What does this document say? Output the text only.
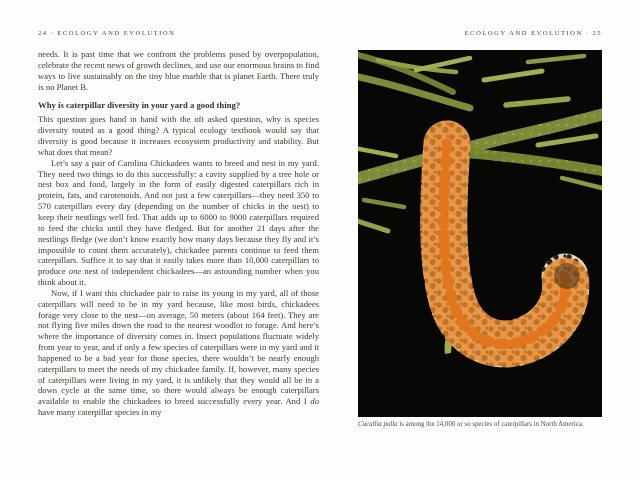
24 · ECOLOGY AND EVOLUTION	ECOLOGY AND EVOLUTION · 25

needs. It is past time that we confront the problems posed by overpopulation, celebrate the recent news of growth declines, and use our enormous brains to find ways to live sustainably on the tiny blue marble that is planet Earth. There truly is no Planet B.

Why is caterpillar diversity in your yard a good thing?

This question goes hand in hand with the oft asked question, why is species diversity touted as a good thing? A typical ecology textbook would say that diversity is good because it increases ecosystem productivity and stability. But what does that mean?

Let’s say a pair of Carolina Chickadees wants to breed and nest in my yard. They need two things to do this successfully: a cavity supplied by a tree hole or nest box and food, largely in the form of easily digested caterpillars rich in protein, fats, and carotenoids. And not just a few caterpillars—they need 350 to 570 caterpillars every day (depending on the number of chicks in the nest) to keep their nestlings well fed. That adds up to 6000 to 9000 caterpillars required to feed the chicks until they have fledged. But for another 21 days after the nestlings fledge (we don’t know exactly how many days because they fly and it’s impossible to count them accurately), chickadee parents continue to feed them caterpillars. Suffice it to say that it easily takes more than 10,000 caterpillars to produce one nest of independent chickadees—an astounding number when you think about it.

Now, if I want this chickadee pair to raise its young in my yard, all of those caterpillars will need to be in my yard because, like most birds, chickadees forage very close to the nest—on average, 50 meters (about 164 feet). They are not flying five miles down the road to the nearest woodlot to forage. And here’s where the importance of diversity comes in. Insect populations fluctuate widely from year to year, and if only a few species of caterpillars were in my yard and it happened to be a bad year for those species, there wouldn’t be nearly enough caterpillars to meet the needs of my chickadee family. If, however, many species of caterpillars were living in my yard, it is unlikely that they would all be in a down cycle at the same time, so there would always be enough caterpillars available to enable the chickadees to breed successfully every year. And I do have many caterpillar species in my

Cucullia pulla is among the 14,000 or so species of caterpillars in North America.
